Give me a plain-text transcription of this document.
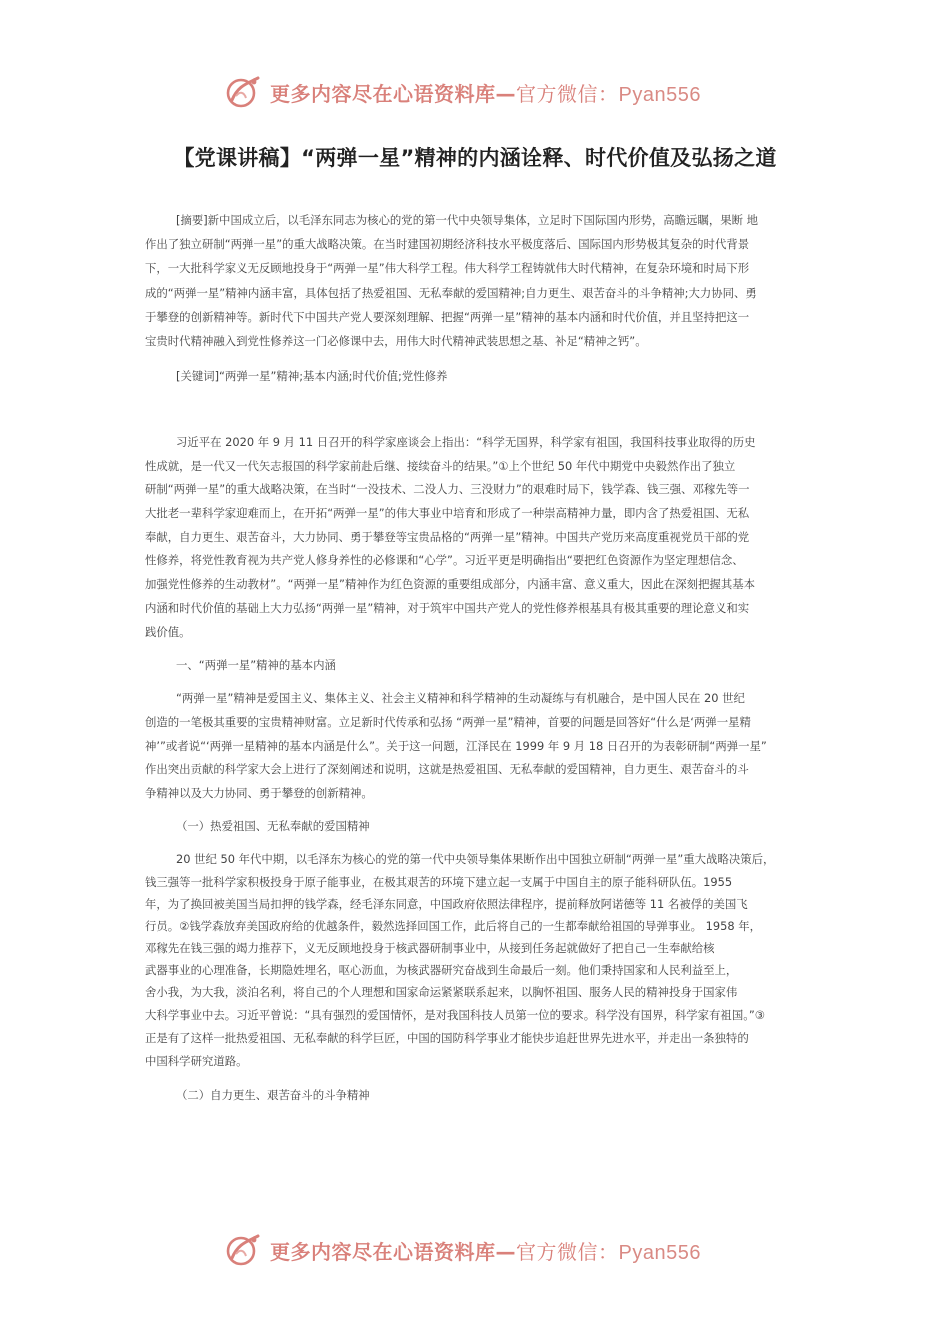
更多内容尽在心语资料库—官方微信：Pyan556
【党课讲稿】“两弹一星”精神的内涵诠释、时代价值及弘扬之道
[摘要]新中国成立后，以毛泽东同志为核心的党的第一代中央领导集体，立足时下国际国内形势，高瞻远瞩，果断 地
作出了独立研制“两弹一星”的重大战略决策。在当时建国初期经济科技水平极度落后、国际国内形势极其复杂的时代背景
下，一大批科学家义无反顾地投身于“两弹一星”伟大科学工程。伟大科学工程铸就伟大时代精神，在复杂环境和时局下形
成的“两弹一星”精神内涵丰富，具体包括了热爱祖国、无私奉献的爱国精神;自力更生、艰苦奋斗的斗争精神;大力协同、勇
于攀登的创新精神等。新时代下中国共产党人要深刻理解、把握“两弹一星”精神的基本内涵和时代价值，并且坚持把这一
宝贵时代精神融入到党性修养这一门必修课中去，用伟大时代精神武装思想之基、补足“精神之钙”。
[关键词]“两弹一星”精神;基本内涵;时代价值;党性修养
习近平在 2020 年 9 月 11 日召开的科学家座谈会上指出：“科学无国界，科学家有祖国，我国科技事业取得的历史
性成就，是一代又一代矢志报国的科学家前赴后继、接续奋斗的结果。”①上个世纪 50 年代中期党中央毅然作出了独立
研制“两弹一星”的重大战略决策，在当时“一没技术、二没人力、三没财力”的艰难时局下，钱学森、钱三强、邓稼先等一
大批老一辈科学家迎难而上，在开拓“两弹一星”的伟大事业中培育和形成了一种崇高精神力量，即内含了热爱祖国、无私
奉献，自力更生、艰苦奋斗，大力协同、勇于攀登等宝贵品格的“两弹一星”精神。中国共产党历来高度重视党员干部的党
性修养，将党性教育视为共产党人修身养性的必修课和“心学”。习近平更是明确指出“要把红色资源作为坚定理想信念、
加强党性修养的生动教材”。“两弹一星”精神作为红色资源的重要组成部分，内涵丰富、意义重大，因此在深刻把握其基本
内涵和时代价值的基础上大力弘扬“两弹一星”精神，对于筑牢中国共产党人的党性修养根基具有极其重要的理论意义和实
践价值。
一、“两弹一星”精神的基本内涵
“两弹一星”精神是爱国主义、集体主义、社会主义精神和科学精神的生动凝练与有机融合，是中国人民在 20 世纪
创造的一笔极其重要的宝贵精神财富。立足新时代传承和弘扬 “两弹一星”精神，首要的问题是回答好“什么是‘两弹一星精
神’”或者说“‘两弹一星精神的基本内涵是什么”。关于这一问题，江泽民在 1999 年 9 月 18 日召开的为表彰研制“两弹一星”
作出突出贡献的科学家大会上进行了深刻阐述和说明，这就是热爱祖国、无私奉献的爱国精神，自力更生、艰苦奋斗的斗
争精神以及大力协同、勇于攀登的创新精神。
（一）热爱祖国、无私奉献的爱国精神
20 世纪 50 年代中期，以毛泽东为核心的党的第一代中央领导集体果断作出中国独立研制“两弹一星”重大战略决策后，
钱三强等一批科学家积极投身于原子能事业，在极其艰苦的环境下建立起一支属于中国自主的原子能科研队伍。1955
年，为了换回被美国当局扣押的钱学森，经毛泽东同意，中国政府依照法律程序，提前释放阿诺德等 11 名被俘的美国飞
行员。②钱学森放弃美国政府给的优越条件，毅然选择回国工作，此后将自己的一生都奉献给祖国的导弹事业。 1958 年，
邓稼先在钱三强的竭力推荐下，义无反顾地投身于核武器研制事业中，从接到任务起就做好了把自己一生奉献给核
武器事业的心理准备，长期隐姓埋名，呕心沥血，为核武器研究奋战到生命最后一刻。他们秉持国家和人民利益至上，
舍小我，为大我，淡泊名利，将自己的个人理想和国家命运紧紧联系起来，以胸怀祖国、服务人民的精神投身于国家伟
大科学事业中去。习近平曾说：“具有强烈的爱国情怀，是对我国科技人员第一位的要求。科学没有国界，科学家有祖国。”③
正是有了这样一批热爱祖国、无私奉献的科学巨匠，中国的国防科学事业才能快步追赶世界先进水平，并走出一条独特的
中国科学研究道路。
（二）自力更生、艰苦奋斗的斗争精神
更多内容尽在心语资料库—官方微信：Pyan556
